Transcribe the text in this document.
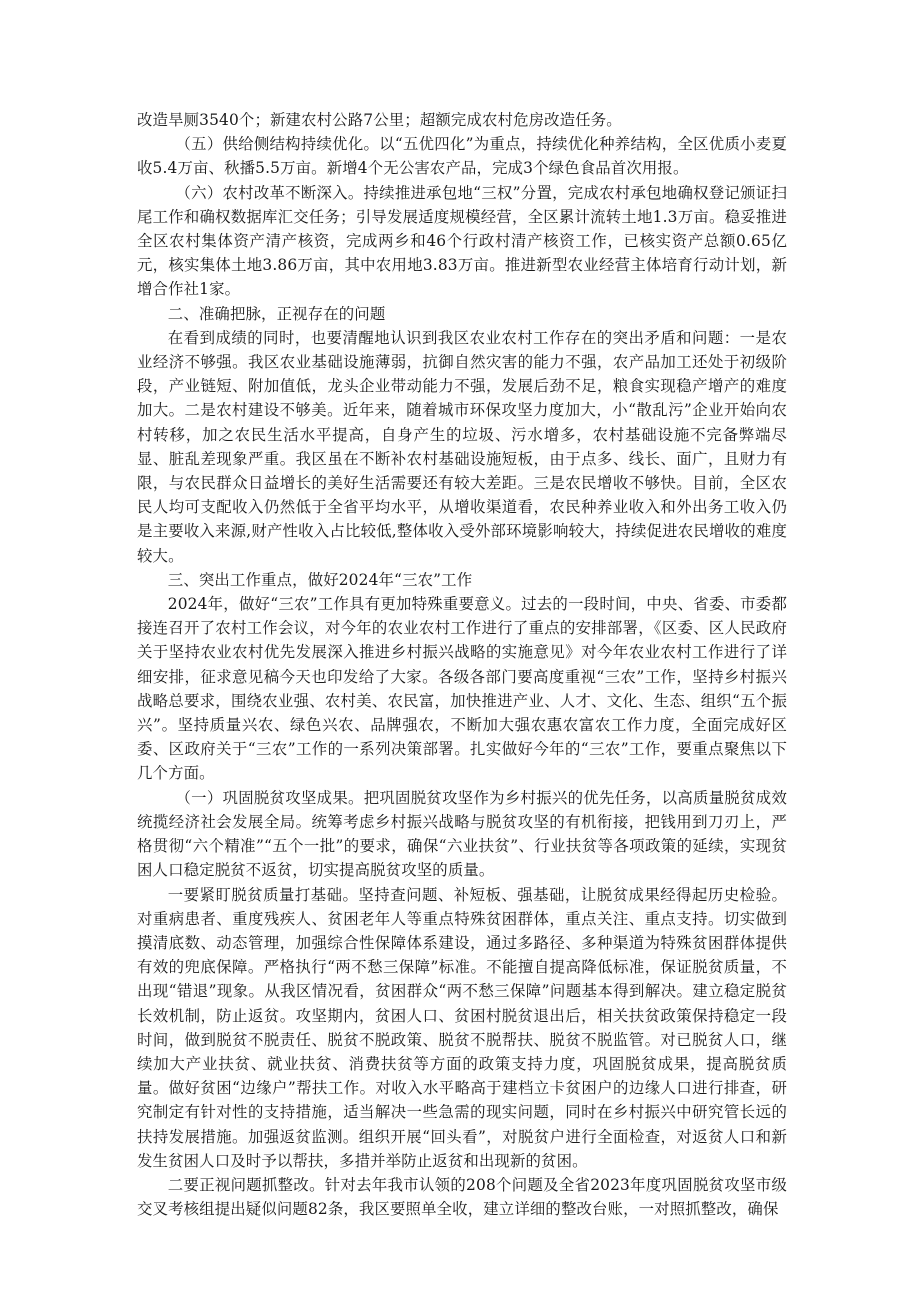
改造旱厕3540个；新建农村公路7公里；超额完成农村危房改造任务。

（五）供给侧结构持续优化。以“五优四化”为重点，持续优化种养结构，全区优质小麦夏收5.4万亩、秋播5.5万亩。新增4个无公害农产品，完成3个绿色食品首次用报。

（六）农村改革不断深入。持续推进承包地“三权”分置，完成农村承包地确权登记颁证扫尾工作和确权数据库汇交任务；引导发展适度规模经营，全区累计流转土地1.3万亩。稳妥推进全区农村集体资产清产核资，完成两乡和46个行政村清产核资工作，已核实资产总额0.65亿元，核实集体土地3.86万亩，其中农用地3.83万亩。推进新型农业经营主体培育行动计划，新增合作社1家。

二、准确把脉，正视存在的问题

在看到成绩的同时，也要清醒地认识到我区农业农村工作存在的突出矛盾和问题：一是农业经济不够强。我区农业基础设施薄弱，抗御自然灾害的能力不强，农产品加工还处于初级阶段，产业链短、附加值低，龙头企业带动能力不强，发展后劲不足，粮食实现稳产增产的难度加大。二是农村建设不够美。近年来，随着城市环保攻坚力度加大，小“散乱污”企业开始向农村转移，加之农民生活水平提高，自身产生的垃圾、污水增多，农村基础设施不完备弊端尽显、脏乱差现象严重。我区虽在不断补农村基础设施短板，由于点多、线长、面广，且财力有限，与农民群众日益增长的美好生活需要还有较大差距。三是农民增收不够快。目前，全区农民人均可支配收入仍然低于全省平均水平，从增收渠道看，农民种养业收入和外出务工收入仍是主要收入来源,财产性收入占比较低,整体收入受外部环境影响较大，持续促进农民增收的难度较大。

三、突出工作重点，做好2024年“三农”工作

2024年，做好“三农”工作具有更加特殊重要意义。过去的一段时间，中央、省委、市委都接连召开了农村工作会议，对今年的农业农村工作进行了重点的安排部署，《区委、区人民政府关于坚持农业农村优先发展深入推进乡村振兴战略的实施意见》对今年农业农村工作进行了详细安排，征求意见稿今天也印发给了大家。各级各部门要高度重视“三农”工作，坚持乡村振兴战略总要求，围绕农业强、农村美、农民富，加快推进产业、人才、文化、生态、组织“五个振兴”。坚持质量兴农、绿色兴农、品牌强农，不断加大强农惠农富农工作力度，全面完成好区委、区政府关于“三农”工作的一系列决策部署。扎实做好今年的“三农”工作，要重点聚焦以下几个方面。

（一）巩固脱贫攻坚成果。把巩固脱贫攻坚作为乡村振兴的优先任务，以高质量脱贫成效统揽经济社会发展全局。统筹考虑乡村振兴战略与脱贫攻坚的有机衔接，把钱用到刀刃上，严格贯彻“六个精准”“五个一批”的要求，确保“六业扶贫”、行业扶贫等各项政策的延续，实现贫困人口稳定脱贫不返贫，切实提高脱贫攻坚的质量。

一要紧盯脱贫质量打基础。坚持查问题、补短板、强基础，让脱贫成果经得起历史检验。对重病患者、重度残疾人、贫困老年人等重点特殊贫困群体，重点关注、重点支持。切实做到摸清底数、动态管理，加强综合性保障体系建设，通过多路径、多种渠道为特殊贫困群体提供有效的兜底保障。严格执行“两不愁三保障”标准。不能擅自提高降低标准，保证脱贫质量，不出现“错退”现象。从我区情况看，贫困群众“两不愁三保障”问题基本得到解决。建立稳定脱贫长效机制，防止返贫。攻坚期内，贫困人口、贫困村脱贫退出后，相关扶贫政策保持稳定一段时间，做到脱贫不脱责任、脱贫不脱政策、脱贫不脱帮扶、脱贫不脱监管。对已脱贫人口，继续加大产业扶贫、就业扶贫、消费扶贫等方面的政策支持力度，巩固脱贫成果，提高脱贫质量。做好贫困“边缘户”帮扶工作。对收入水平略高于建档立卡贫困户的边缘人口进行排查，研究制定有针对性的支持措施，适当解决一些急需的现实问题，同时在乡村振兴中研究管长远的扶持发展措施。加强返贫监测。组织开展“回头看”，对脱贫户进行全面检查，对返贫人口和新发生贫困人口及时予以帮扶，多措并举防止返贫和出现新的贫困。

二要正视问题抓整改。针对去年我市认领的208个问题及全省2023年度巩固脱贫攻坚市级交叉考核组提出疑似问题82条，我区要照单全收，建立详细的整改台账，一对照抓整改，确保
